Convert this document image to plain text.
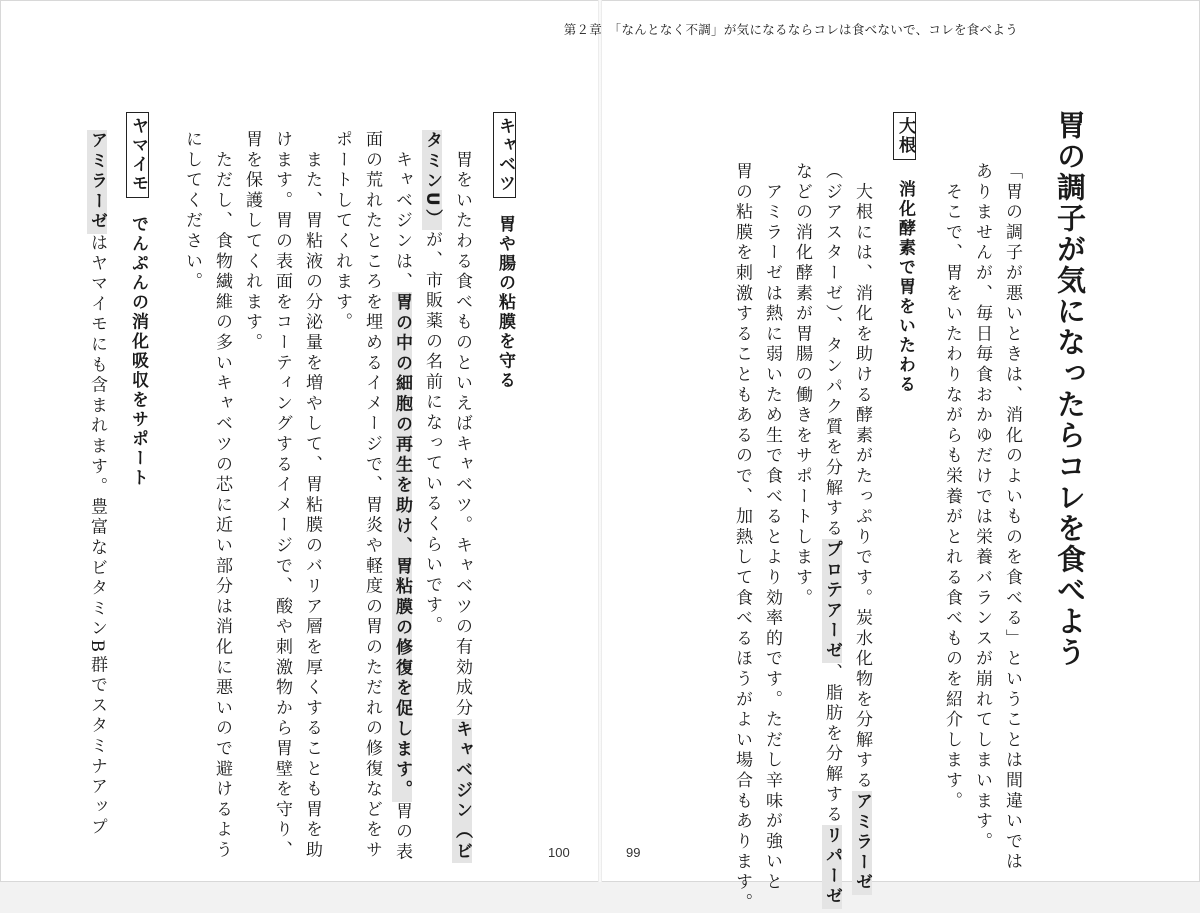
第２章　「なんとなく不調」が気になるならコレは食べないで、コレを食べよう
胃の調子が気になったらコレを食べよう
「胃の調子が悪いときは、消化のよいものを食べる」ということは間違いでは
ありませんが、毎日毎食おかゆだけでは栄養バランスが崩れてしまいます。
　そこで、胃をいたわりながらも栄養がとれる食べものを紹介します。
大根
消化酵素で胃をいたわる
　大根には、消化を助ける酵素がたっぷりです。炭水化物を分解するアミラーゼ
（ジアスターゼ）、タンパク質を分解するプロテアーゼ、脂肪を分解するリパーゼ
などの消化酵素が胃腸の働きをサポートします。
　アミラーゼは熱に弱いため生で食べるとより効率的です。ただし辛味が強いと
胃の粘膜を刺激することもあるので、加熱して食べるほうがよい場合もあります。
99
キャベツ
胃や腸の粘膜を守る
　胃をいたわる食べものといえばキャベツ。キャベツの有効成分キャベジン（ビ
タミンU）が、市販薬の名前になっているくらいです。
　キャベジンは、胃の中の細胞の再生を助け、胃粘膜の修復を促します。胃の表
面の荒れたところを埋めるイメージで、胃炎や軽度の胃のただれの修復などをサ
ポートしてくれます。
　また、胃粘液の分泌量を増やして、胃粘膜のバリア層を厚くすることも胃を助
けます。胃の表面をコーティングするイメージで、酸や刺激物から胃壁を守り、
胃を保護してくれます。
　ただし、食物繊維の多いキャベツの芯に近い部分は消化に悪いので避けるよう
にしてください。
ヤマイモ
でんぷんの消化吸収をサポート
アミラーゼはヤマイモにも含まれます。豊富なビタミンB群でスタミナアップ
100
